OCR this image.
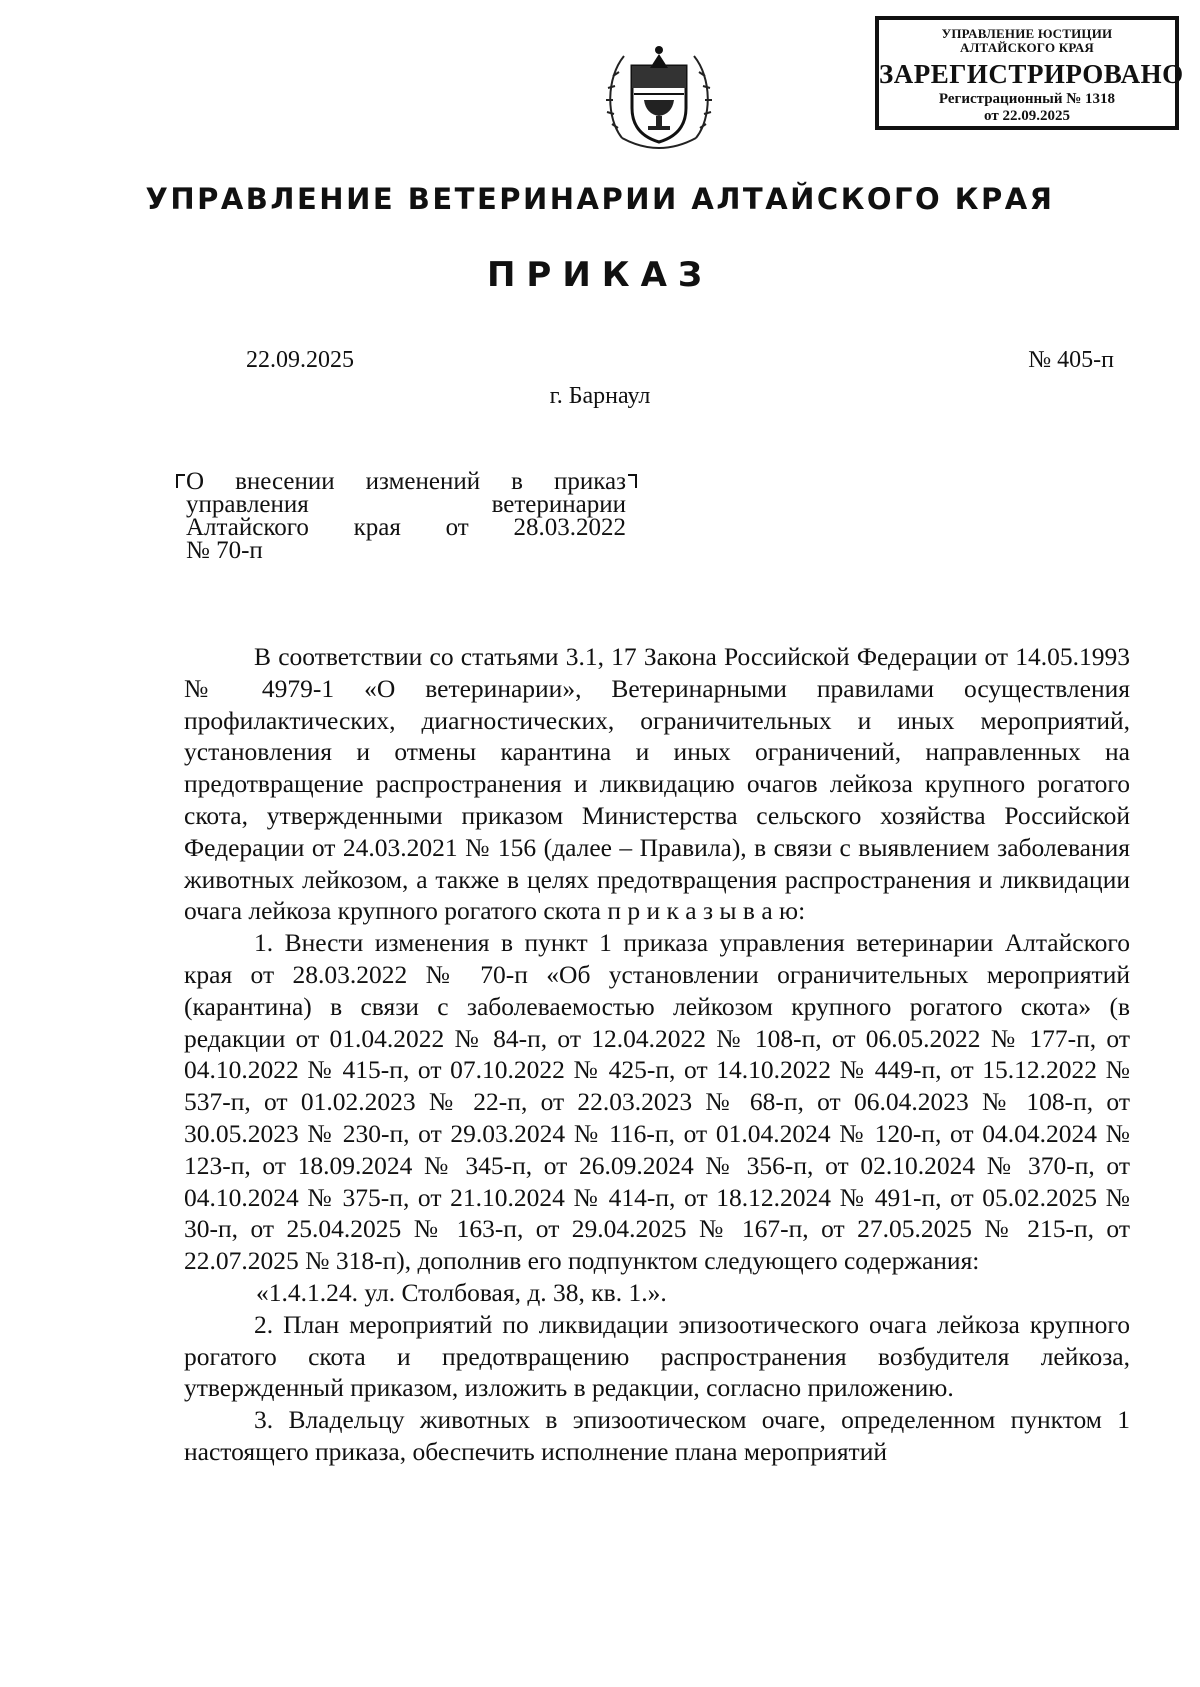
УПРАВЛЕНИЕ ЮСТИЦИИ
АЛТАЙСКОГО КРАЯ
ЗАРЕГИСТРИРОВАНО
Регистрационный № 1318
от 22.09.2025
УПРАВЛЕНИЕ ВЕТЕРИНАРИИ АЛТАЙСКОГО КРАЯ
ПРИКАЗ
22.09.2025	№ 405-п
г. Барнаул
О внесении изменений в приказ
управления ветеринарии
Алтайского края от 28.03.2022
№ 70-п

В соответствии со статьями 3.1, 17 Закона Российской Федерации от 14.05.1993 № 4979-1 «О ветеринарии», Ветеринарными правилами осуществления профилактических, диагностических, ограничительных и иных мероприятий, установления и отмены карантина и иных ограничений, направленных на предотвращение распространения и ликвидацию очагов лейкоза крупного рогатого скота, утвержденными приказом Министерства сельского хозяйства Российской Федерации от 24.03.2021 № 156 (далее – Правила), в связи с выявлением заболевания животных лейкозом, а также в целях предотвращения распространения и ликвидации очага лейкоза крупного рогатого скота п р и к а з ы в а ю:

1. Внести изменения в пункт 1 приказа управления ветеринарии Алтайского края от 28.03.2022 № 70-п «Об установлении ограничительных мероприятий (карантина) в связи с заболеваемостью лейкозом крупного рогатого скота» (в редакции от 01.04.2022 № 84-п, от 12.04.2022 № 108-п, от 06.05.2022 № 177-п, от 04.10.2022 № 415-п, от 07.10.2022 № 425-п, от 14.10.2022 № 449-п, от 15.12.2022 № 537-п, от 01.02.2023 № 22-п, от 22.03.2023 № 68-п, от 06.04.2023 № 108-п, от 30.05.2023 № 230-п, от 29.03.2024 № 116-п, от 01.04.2024 № 120-п, от 04.04.2024 № 123-п, от 18.09.2024 № 345-п, от 26.09.2024 № 356-п, от 02.10.2024 № 370-п, от 04.10.2024 № 375-п, от 21.10.2024 № 414-п, от 18.12.2024 № 491-п, от 05.02.2025 № 30-п, от 25.04.2025 № 163-п, от 29.04.2025 № 167-п, от 27.05.2025 № 215-п, от 22.07.2025 № 318-п), дополнив его подпунктом следующего содержания:

«1.4.1.24. ул. Столбовая, д. 38, кв. 1.».

2. План мероприятий по ликвидации эпизоотического очага лейкоза крупного рогатого скота и предотвращению распространения возбудителя лейкоза, утвержденный приказом, изложить в редакции, согласно приложению.

3. Владельцу животных в эпизоотическом очаге, определенном пунктом 1 настоящего приказа, обеспечить исполнение плана мероприятий
